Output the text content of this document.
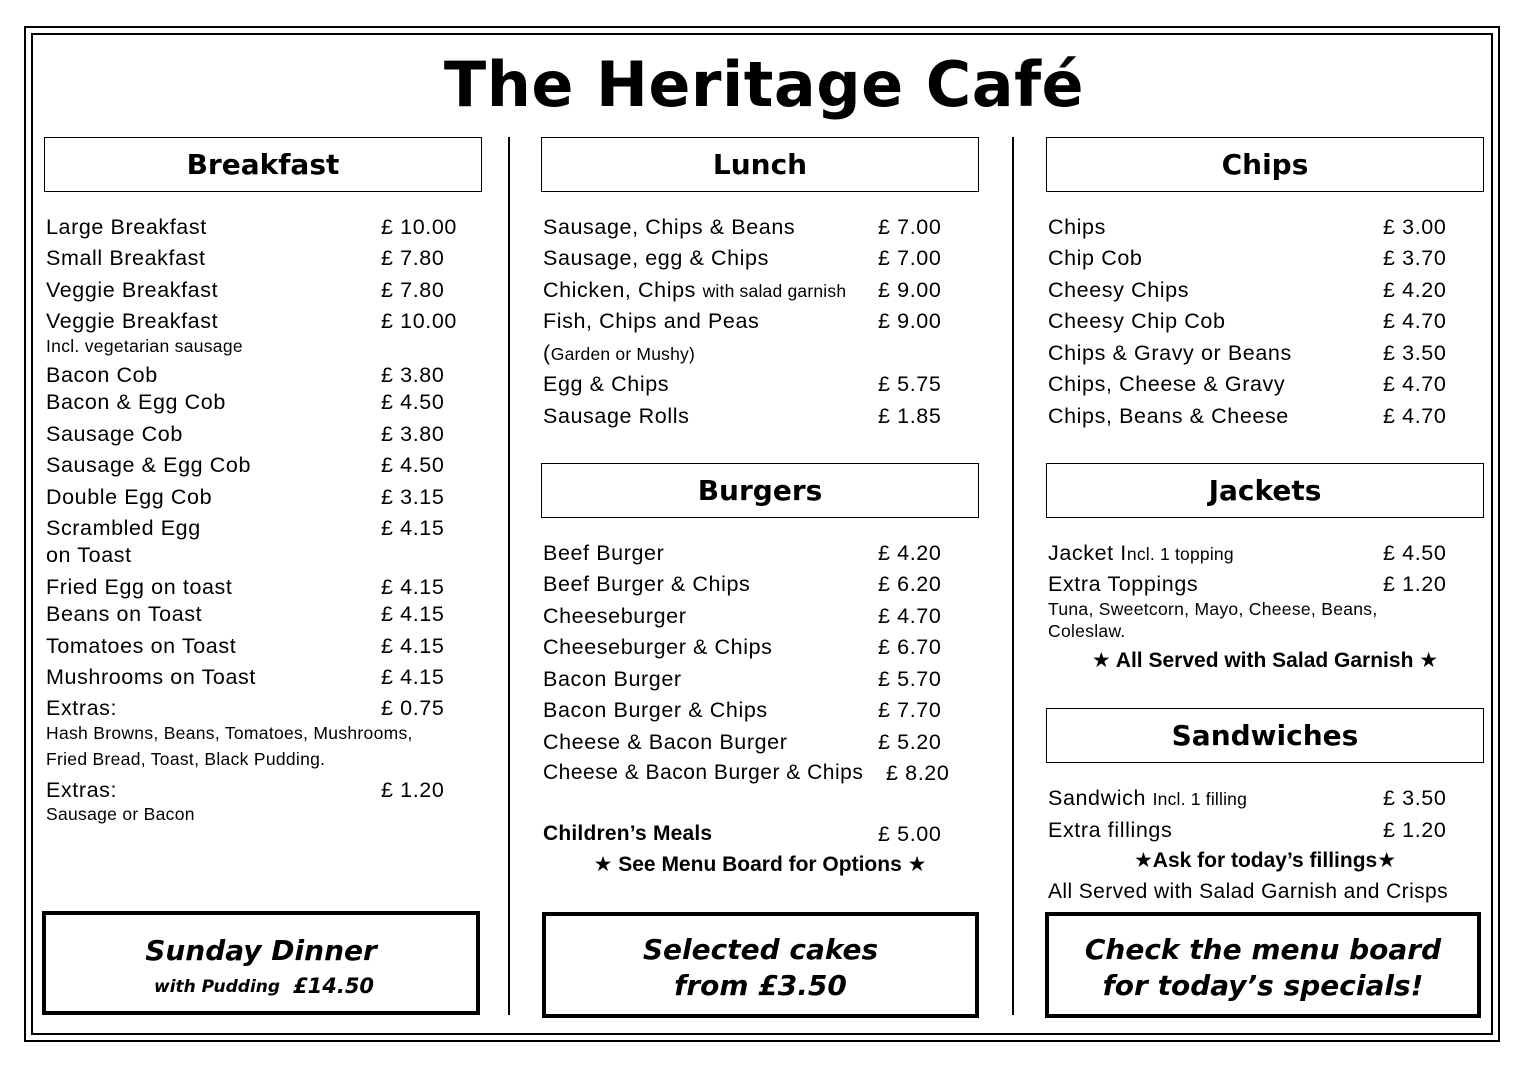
The Heritage Café
Breakfast
Large Breakfast	£ 10.00
Small Breakfast	£ 7.80
Veggie Breakfast	£ 7.80
Veggie Breakfast	£ 10.00
Incl. vegetarian sausage
Bacon Cob	£ 3.80
Bacon & Egg Cob	£ 4.50
Sausage Cob	£ 3.80
Sausage & Egg Cob	£ 4.50
Double Egg Cob	£ 3.15
Scrambled Egg	£ 4.15
on Toast
Fried Egg on toast	£ 4.15
Beans on Toast	£ 4.15
Tomatoes on Toast	£ 4.15
Mushrooms on Toast	£ 4.15
Extras:	£ 0.75
Hash Browns, Beans, Tomatoes, Mushrooms,
Fried Bread, Toast, Black Pudding.
Extras:	£ 1.20
Sausage or Bacon
Sunday Dinner
with Pudding £14.50
Lunch
Sausage, Chips & Beans	£ 7.00
Sausage, egg & Chips	£ 7.00
Chicken, Chips with salad garnish £ 9.00
Fish, Chips and Peas	£ 9.00
(Garden or Mushy)
Egg & Chips	£ 5.75
Sausage Rolls	£ 1.85
Burgers
Beef Burger	£ 4.20
Beef Burger & Chips	£ 6.20
Cheeseburger	£ 4.70
Cheeseburger & Chips	£ 6.70
Bacon Burger	£ 5.70
Bacon Burger & Chips	£ 7.70
Cheese & Bacon Burger	£ 5.20
Cheese & Bacon Burger & Chips £ 8.20
Children’s Meals	£ 5.00
★ See Menu Board for Options ★
Selected cakes
from £3.50
Chips
Chips	£ 3.00
Chip Cob	£ 3.70
Cheesy Chips	£ 4.20
Cheesy Chip Cob	£ 4.70
Chips & Gravy or Beans	£ 3.50
Chips, Cheese & Gravy	£ 4.70
Chips, Beans & Cheese	£ 4.70
Jackets
Jacket Incl. 1 topping	£ 4.50
Extra Toppings	£ 1.20
Tuna, Sweetcorn, Mayo, Cheese, Beans,
Coleslaw.
★ All Served with Salad Garnish ★
Sandwiches
Sandwich Incl. 1 filling	£ 3.50
Extra fillings	£ 1.20
★Ask for today’s fillings★
All Served with Salad Garnish and Crisps
Check the menu board
for today’s specials!
